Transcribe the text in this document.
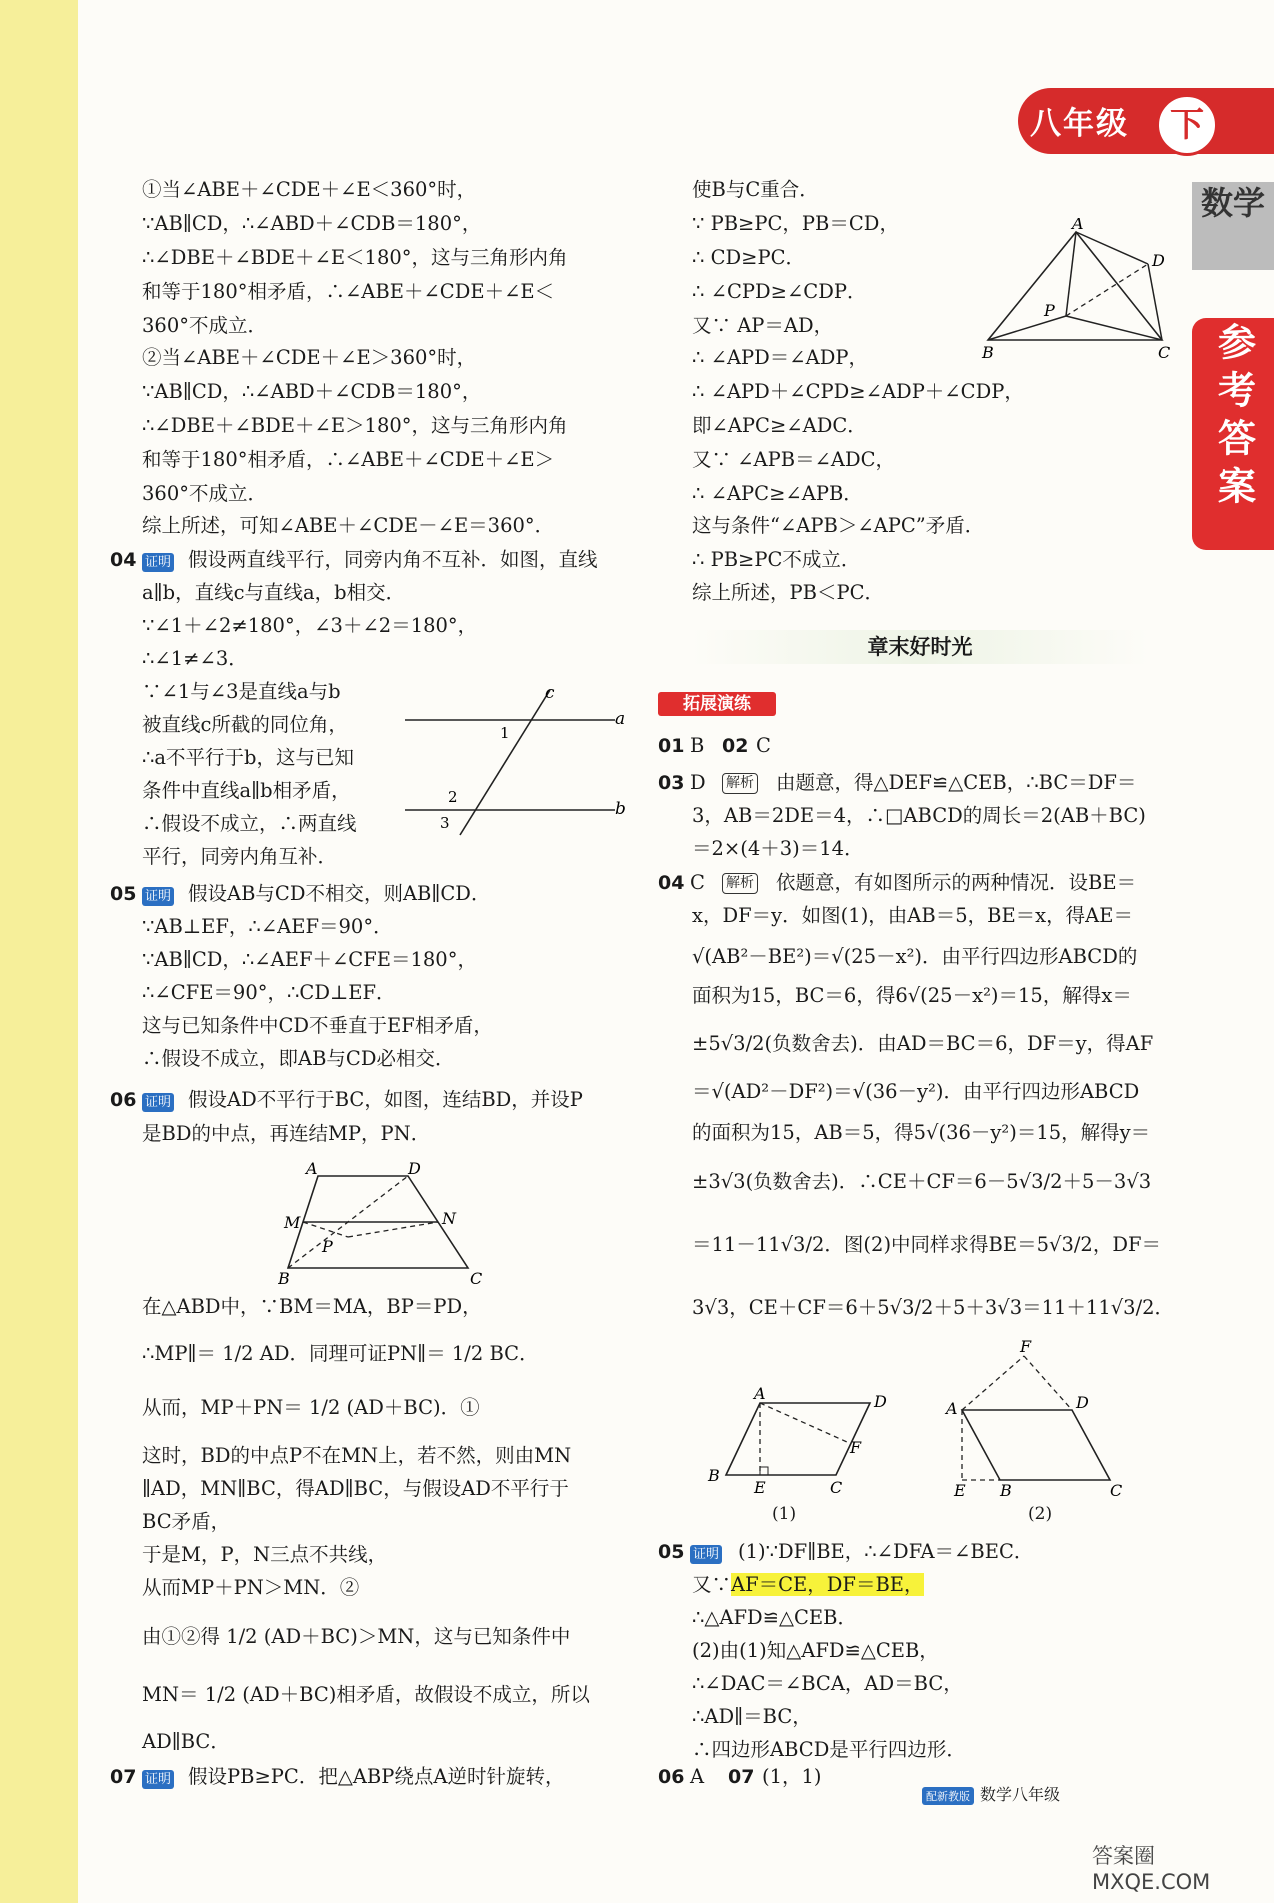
八年级	下
数学
参考答案
①当∠ABE＋∠CDE＋∠E＜360°时，
∵AB∥CD，∴∠ABD＋∠CDB＝180°，
∴∠DBE＋∠BDE＋∠E＜180°，这与三角形内角
和等于180°相矛盾，∴∠ABE＋∠CDE＋∠E＜
360°不成立．
②当∠ABE＋∠CDE＋∠E＞360°时，
∵AB∥CD，∴∠ABD＋∠CDB＝180°，
∴∠DBE＋∠BDE＋∠E＞180°，这与三角形内角
和等于180°相矛盾，∴∠ABE＋∠CDE＋∠E＞
360°不成立．
综上所述，可知∠ABE＋∠CDE－∠E＝360°．
04 证明 假设两直线平行，同旁内角不互补．如图，直线
a∥b，直线c与直线a，b相交．
∵∠1＋∠2≠180°，∠3＋∠2＝180°，
∴∠1≠∠3．
∵∠1与∠3是直线a与b
被直线c所截的同位角，
∴a不平行于b，这与已知
条件中直线a∥b相矛盾，
∴假设不成立，∴两直线
平行，同旁内角互补．
c
a
b
1
2
3
05 证明 假设AB与CD不相交，则AB∥CD．
∵AB⊥EF，∴∠AEF＝90°．
∵AB∥CD，∴∠AEF＋∠CFE＝180°，
∴∠CFE＝90°，∴CD⊥EF．
这与已知条件中CD不垂直于EF相矛盾，
∴假设不成立，即AB与CD必相交．
06 证明 假设AD不平行于BC，如图，连结BD，并设P
是BD的中点，再连结MP，PN．
A	D
M	N
P
B	C
在△ABD中，∵BM＝MA，BP＝PD，
∴MP∥＝ 1/2 AD．同理可证PN∥＝ 1/2 BC．
从而，MP＋PN＝ 1/2 (AD＋BC)．①
这时，BD的中点P不在MN上，若不然，则由MN
∥AD，MN∥BC，得AD∥BC，与假设AD不平行于
BC矛盾，
于是M，P，N三点不共线，
从而MP＋PN＞MN．②
由①②得 1/2 (AD＋BC)＞MN，这与已知条件中
MN＝ 1/2 (AD＋BC)相矛盾，故假设不成立，所以
AD∥BC．
07 证明 假设PB≥PC．把△ABP绕点A逆时针旋转，
使B与C重合．
∵ PB≥PC，PB＝CD，
∴ CD≥PC．
∴ ∠CPD≥∠CDP．
又∵ AP＝AD，
∴ ∠APD＝∠ADP，
∴ ∠APD＋∠CPD≥∠ADP＋∠CDP，
即∠APC≥∠ADC．
又∵ ∠APB＝∠ADC，
∴ ∠APC≥∠APB．
这与条件“∠APB＞∠APC”矛盾．
∴ PB≥PC不成立．
综上所述，PB＜PC．
A
D
P
B	C
章末好时光
拓展演练
01 B 02 C
03 D 解析 由题意，得△DEF≌△CEB，∴BC＝DF＝
3，AB＝2DE＝4，∴□ABCD的周长＝2(AB＋BC)
＝2×(4＋3)＝14．
04 C 解析 依题意，有如图所示的两种情况．设BE＝
x，DF＝y．如图(1)，由AB＝5，BE＝x，得AE＝
√(AB²－BE²)＝√(25－x²)．由平行四边形ABCD的
面积为15，BC＝6，得6√(25－x²)＝15，解得x＝
±5√3/2(负数舍去)．由AD＝BC＝6，DF＝y，得AF
＝√(AD²－DF²)＝√(36－y²)．由平行四边形ABCD
的面积为15，AB＝5，得5√(36－y²)＝15，解得y＝
±3√3(负数舍去)．∴CE＋CF＝6－5√3/2＋5－3√3
＝11－11√3/2．图(2)中同样求得BE＝5√3/2，DF＝
3√3，CE＋CF＝6＋5√3/2＋5＋3√3＝11＋11√3/2．
A	D
F
B
E	C
(1)
F
A	D
E B	C
(2)
05 证明 (1)∵DF∥BE，∴∠DFA＝∠BEC．
又∵AF＝CE，DF＝BE，
∴△AFD≌△CEB．
(2)由(1)知△AFD≌△CEB，
∴∠DAC＝∠BCA，AD＝BC，
∴AD∥＝BC，
∴四边形ABCD是平行四边形．
06 A 07 (1，1)
配新教版 数学八年级
答案圈 MXQE.COM
